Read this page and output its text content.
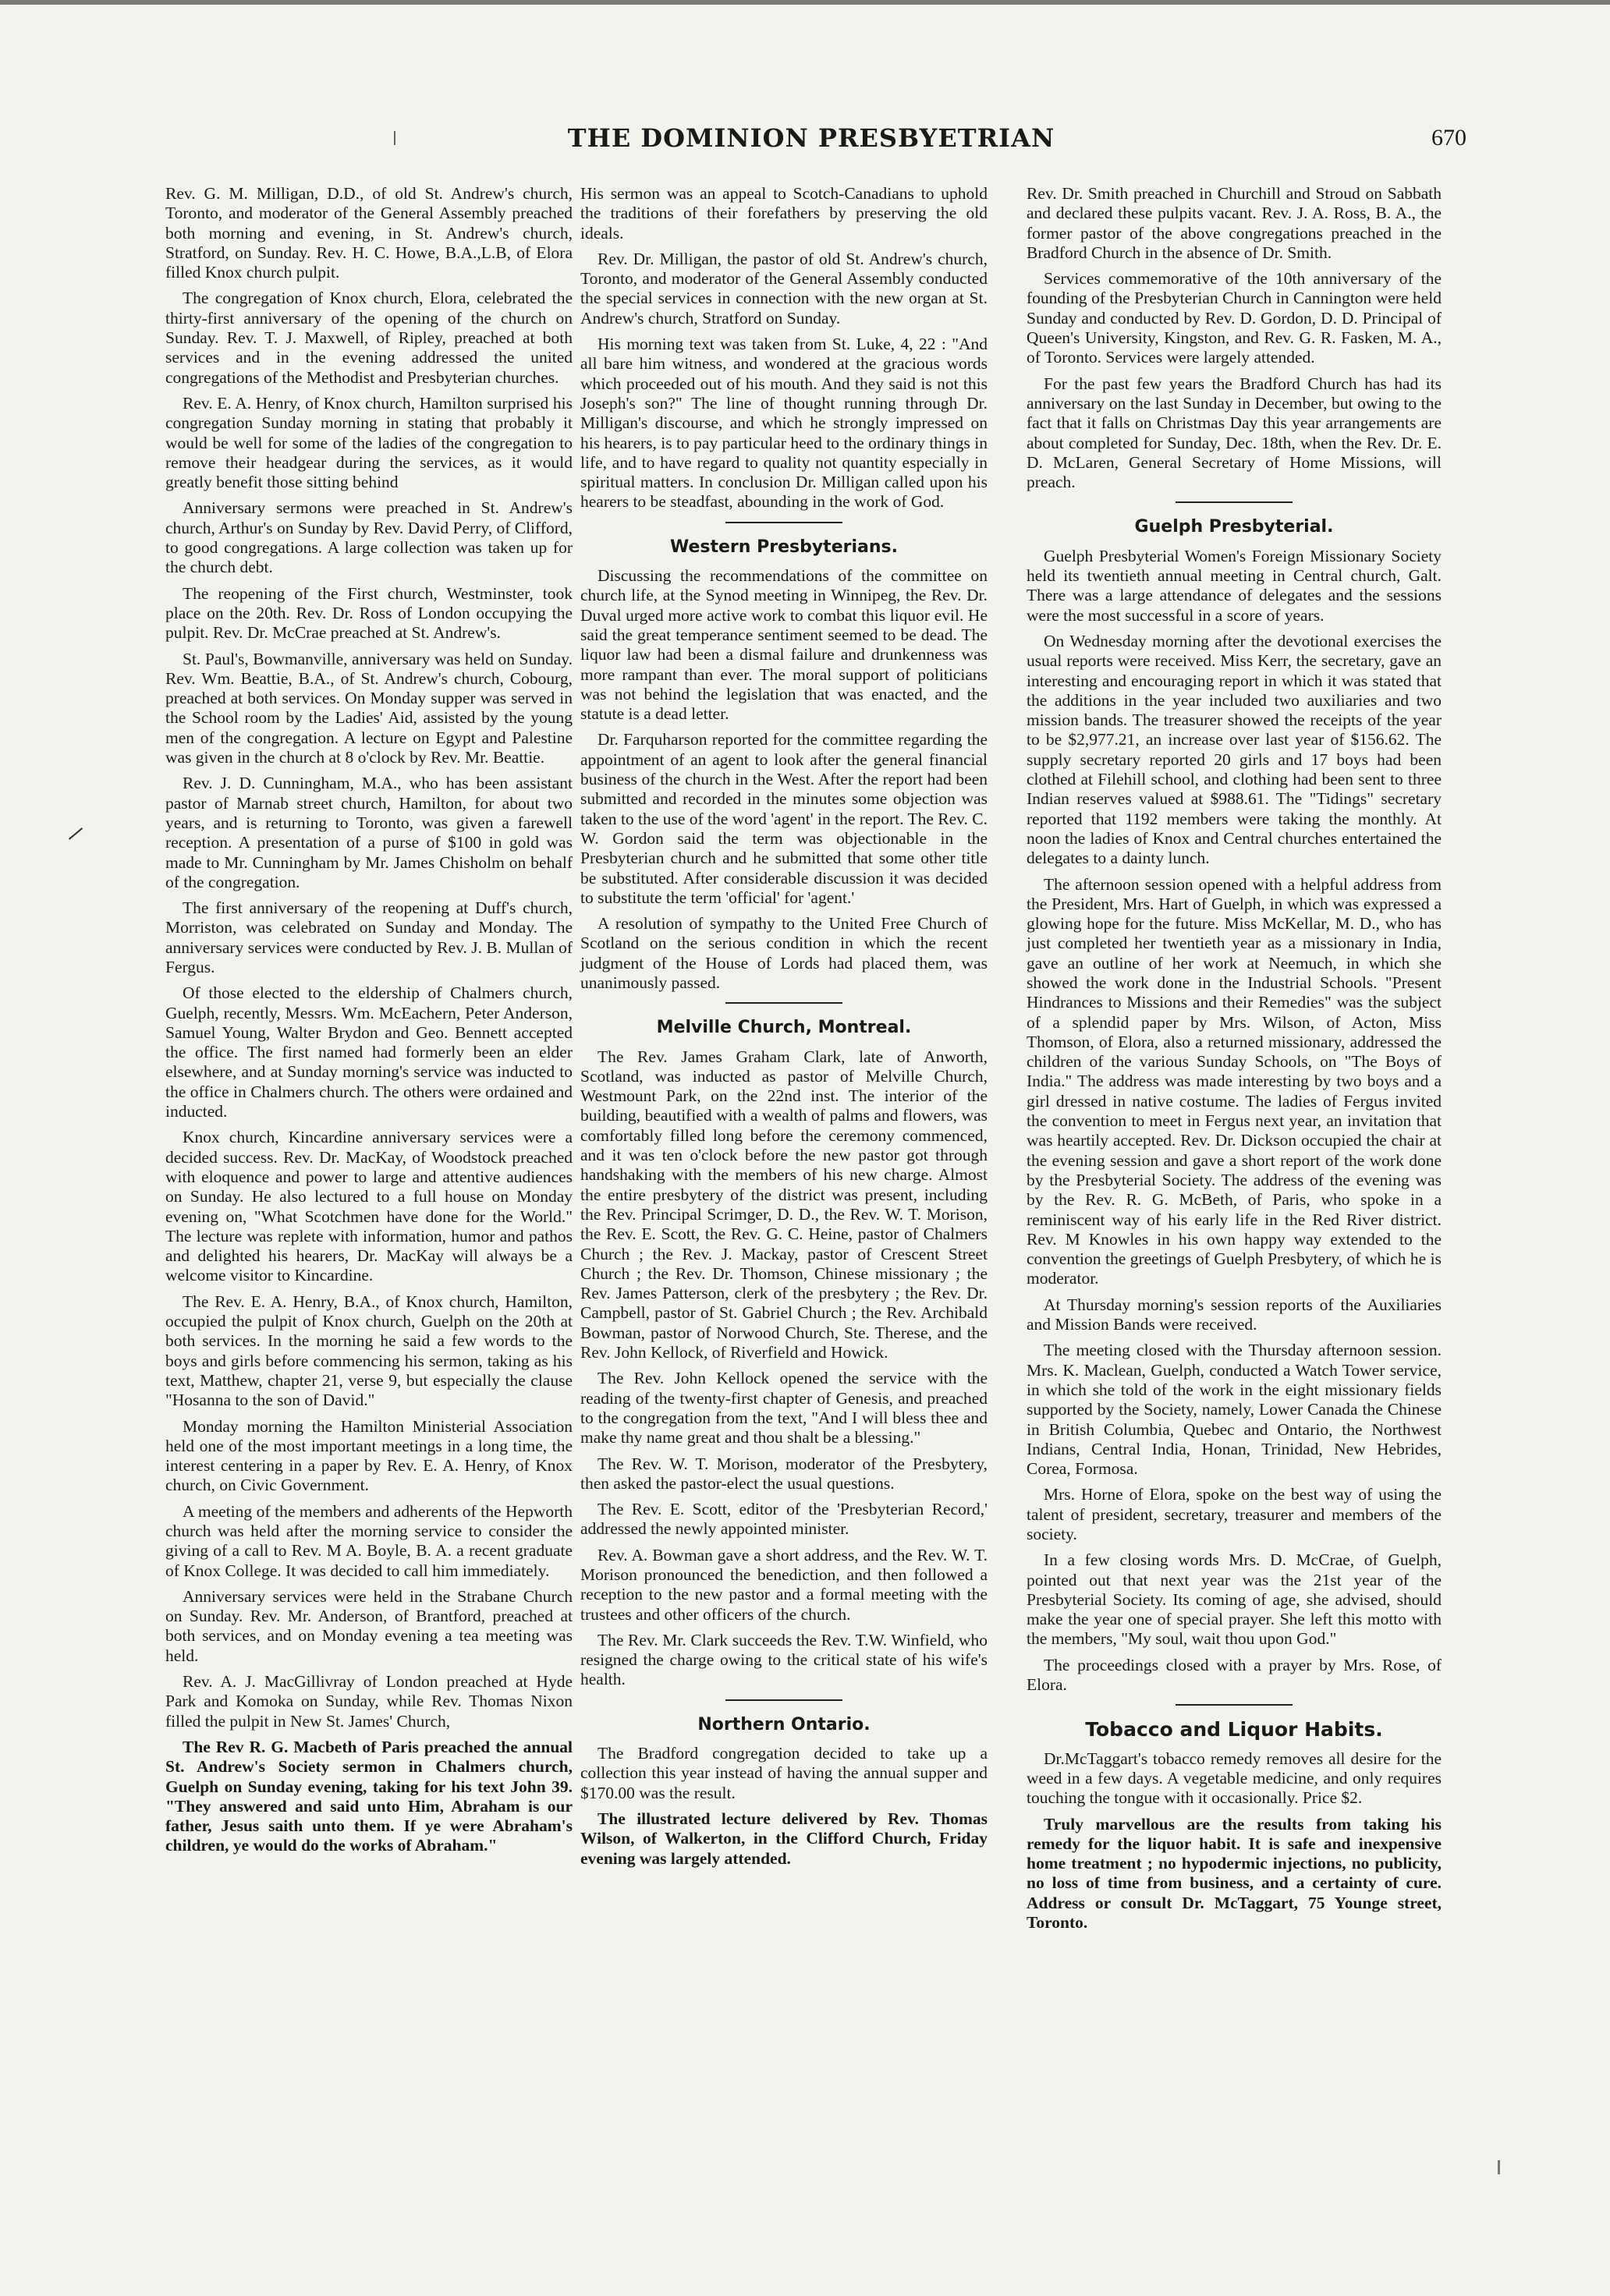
THE DOMINION PRESBYETRIAN	670

Rev. G. M. Milligan, D.D., of old St. Andrew's church, Toronto, and moderator of the General Assembly preached both morning and evening, in St. Andrew's church, Stratford, on Sunday. Rev. H. C. Howe, B.A.,L.B, of Elora filled Knox church pulpit.

The congregation of Knox church, Elora, celebrated the thirty-first anniversary of the opening of the church on Sunday. Rev. T. J. Maxwell, of Ripley, preached at both services and in the evening addressed the united congregations of the Methodist and Presbyterian churches.

Rev. E. A. Henry, of Knox church, Hamilton surprised his congregation Sunday morning in stating that probably it would be well for some of the ladies of the congregation to remove their headgear during the services, as it would greatly benefit those sitting behind

Anniversary sermons were preached in St. Andrew's church, Arthur's on Sunday by Rev. David Perry, of Clifford, to good congregations. A large collection was taken up for the church debt.

The reopening of the First church, Westminster, took place on the 20th. Rev. Dr. Ross of London occupying the pulpit. Rev. Dr. McCrae preached at St. Andrew's.

St. Paul's, Bowmanville, anniversary was held on Sunday. Rev. Wm. Beattie, B.A., of St. Andrew's church, Cobourg, preached at both services. On Monday supper was served in the School room by the Ladies' Aid, assisted by the young men of the congregation. A lecture on Egypt and Palestine was given in the church at 8 o'clock by Rev. Mr. Beattie.

Rev. J. D. Cunningham, M.A., who has been assistant pastor of Marnab street church, Hamilton, for about two years, and is returning to Toronto, was given a farewell reception. A presentation of a purse of $100 in gold was made to Mr. Cunningham by Mr. James Chisholm on behalf of the congregation.

The first anniversary of the reopening at Duff's church, Morriston, was celebrated on Sunday and Monday. The anniversary services were conducted by Rev. J. B. Mullan of Fergus.

Of those elected to the eldership of Chalmers church, Guelph, recently, Messrs. Wm. McEachern, Peter Anderson, Samuel Young, Walter Brydon and Geo. Bennett accepted the office. The first named had formerly been an elder elsewhere, and at Sunday morning's service was inducted to the office in Chalmers church. The others were ordained and inducted.

Knox church, Kincardine anniversary services were a decided success. Rev. Dr. MacKay, of Woodstock preached with eloquence and power to large and attentive audiences on Sunday. He also lectured to a full house on Monday evening on, "What Scotchmen have done for the World." The lecture was replete with information, humor and pathos and delighted his hearers, Dr. MacKay will always be a welcome visitor to Kincardine.

The Rev. E. A. Henry, B.A., of Knox church, Hamilton, occupied the pulpit of Knox church, Guelph on the 20th at both services. In the morning he said a few words to the boys and girls before commencing his sermon, taking as his text, Matthew, chapter 21, verse 9, but especially the clause "Hosanna to the son of David."

Monday morning the Hamilton Ministerial Association held one of the most important meetings in a long time, the interest centering in a paper by Rev. E. A. Henry, of Knox church, on Civic Government.

A meeting of the members and adherents of the Hepworth church was held after the morning service to consider the giving of a call to Rev. M A. Boyle, B. A. a recent graduate of Knox College. It was decided to call him immediately.

Anniversary services were held in the Strabane Church on Sunday. Rev. Mr. Anderson, of Brantford, preached at both services, and on Monday evening a tea meeting was held.

Rev. A. J. MacGillivray of London preached at Hyde Park and Komoka on Sunday, while Rev. Thomas Nixon filled the pulpit in New St. James' Church,

The Rev R. G. Macbeth of Paris preached the annual St. Andrew's Society sermon in Chalmers church, Guelph on Sunday evening, taking for his text John 39. "They answered and said unto Him, Abraham is our father, Jesus saith unto them. If ye were Abraham's children, ye would do the works of Abraham."

His sermon was an appeal to Scotch-Canadians to uphold the traditions of their forefathers by preserving the old ideals.

Rev. Dr. Milligan, the pastor of old St. Andrew's church, Toronto, and moderator of the General Assembly conducted the special services in connection with the new organ at St. Andrew's church, Stratford on Sunday.

His morning text was taken from St. Luke, 4, 22 : "And all bare him witness, and wondered at the gracious words which proceeded out of his mouth. And they said is not this Joseph's son?" The line of thought running through Dr. Milligan's discourse, and which he strongly impressed on his hearers, is to pay particular heed to the ordinary things in life, and to have regard to quality not quantity especially in spiritual matters. In conclusion Dr. Milligan called upon his hearers to be steadfast, abounding in the work of God.

Western Presbyterians.

Discussing the recommendations of the committee on church life, at the Synod meeting in Winnipeg, the Rev. Dr. Duval urged more active work to combat this liquor evil. He said the great temperance sentiment seemed to be dead. The liquor law had been a dismal failure and drunkenness was more rampant than ever. The moral support of politicians was not behind the legislation that was enacted, and the statute is a dead letter.

Dr. Farquharson reported for the committee regarding the appointment of an agent to look after the general financial business of the church in the West. After the report had been submitted and recorded in the minutes some objection was taken to the use of the word 'agent' in the report. The Rev. C. W. Gordon said the term was objectionable in the Presbyterian church and he submitted that some other title be substituted. After considerable discussion it was decided to substitute the term 'official' for 'agent.'

A resolution of sympathy to the United Free Church of Scotland on the serious condition in which the recent judgment of the House of Lords had placed them, was unanimously passed.

Melville Church, Montreal.

The Rev. James Graham Clark, late of Anworth, Scotland, was inducted as pastor of Melville Church, Westmount Park, on the 22nd inst. The interior of the building, beautified with a wealth of palms and flowers, was comfortably filled long before the ceremony commenced, and it was ten o'clock before the new pastor got through handshaking with the members of his new charge. Almost the entire presbytery of the district was present, including the Rev. Principal Scrimger, D. D., the Rev. W. T. Morison, the Rev. E. Scott, the Rev. G. C. Heine, pastor of Chalmers Church ; the Rev. J. Mackay, pastor of Crescent Street Church ; the Rev. Dr. Thomson, Chinese missionary ; the Rev. James Patterson, clerk of the presbytery ; the Rev. Dr. Campbell, pastor of St. Gabriel Church ; the Rev. Archibald Bowman, pastor of Norwood Church, Ste. Therese, and the Rev. John Kellock, of Riverfield and Howick.

The Rev. John Kellock opened the service with the reading of the twenty-first chapter of Genesis, and preached to the congregation from the text, "And I will bless thee and make thy name great and thou shalt be a blessing."

The Rev. W. T. Morison, moderator of the Presbytery, then asked the pastor-elect the usual questions.

The Rev. E. Scott, editor of the 'Presbyterian Record,' addressed the newly appointed minister.

Rev. A. Bowman gave a short address, and the Rev. W. T. Morison pronounced the benediction, and then followed a reception to the new pastor and a formal meeting with the trustees and other officers of the church.

The Rev. Mr. Clark succeeds the Rev. T.W. Winfield, who resigned the charge owing to the critical state of his wife's health.

Northern Ontario.

The Bradford congregation decided to take up a collection this year instead of having the annual supper and $170.00 was the result.

The illustrated lecture delivered by Rev. Thomas Wilson, of Walkerton, in the Clifford Church, Friday evening was largely attended.

Rev. Dr. Smith preached in Churchill and Stroud on Sabbath and declared these pulpits vacant. Rev. J. A. Ross, B. A., the former pastor of the above congregations preached in the Bradford Church in the absence of Dr. Smith.

Services commemorative of the 10th anniversary of the founding of the Presbyterian Church in Cannington were held Sunday and conducted by Rev. D. Gordon, D. D. Principal of Queen's University, Kingston, and Rev. G. R. Fasken, M. A., of Toronto. Services were largely attended.

For the past few years the Bradford Church has had its anniversary on the last Sunday in December, but owing to the fact that it falls on Christmas Day this year arrangements are about completed for Sunday, Dec. 18th, when the Rev. Dr. E. D. McLaren, General Secretary of Home Missions, will preach.

Guelph Presbyterial.

Guelph Presbyterial Women's Foreign Missionary Society held its twentieth annual meeting in Central church, Galt. There was a large attendance of delegates and the sessions were the most successful in a score of years.

On Wednesday morning after the devotional exercises the usual reports were received. Miss Kerr, the secretary, gave an interesting and encouraging report in which it was stated that the additions in the year included two auxiliaries and two mission bands. The treasurer showed the receipts of the year to be $2,977.21, an increase over last year of $156.62. The supply secretary reported 20 girls and 17 boys had been clothed at Filehill school, and clothing had been sent to three Indian reserves valued at $988.61. The "Tidings" secretary reported that 1192 members were taking the monthly. At noon the ladies of Knox and Central churches entertained the delegates to a dainty lunch.

The afternoon session opened with a helpful address from the President, Mrs. Hart of Guelph, in which was expressed a glowing hope for the future. Miss McKellar, M. D., who has just completed her twentieth year as a missionary in India, gave an outline of her work at Neemuch, in which she showed the work done in the Industrial Schools. "Present Hindrances to Missions and their Remedies" was the subject of a splendid paper by Mrs. Wilson, of Acton, Miss Thomson, of Elora, also a returned missionary, addressed the children of the various Sunday Schools, on "The Boys of India." The address was made interesting by two boys and a girl dressed in native costume. The ladies of Fergus invited the convention to meet in Fergus next year, an invitation that was heartily accepted. Rev. Dr. Dickson occupied the chair at the evening session and gave a short report of the work done by the Presbyterial Society. The address of the evening was by the Rev. R. G. McBeth, of Paris, who spoke in a reminiscent way of his early life in the Red River district. Rev. M Knowles in his own happy way extended to the convention the greetings of Guelph Presbytery, of which he is moderator.

At Thursday morning's session reports of the Auxiliaries and Mission Bands were received.

The meeting closed with the Thursday afternoon session. Mrs. K. Maclean, Guelph, conducted a Watch Tower service, in which she told of the work in the eight missionary fields supported by the Society, namely, Lower Canada the Chinese in British Columbia, Quebec and Ontario, the Northwest Indians, Central India, Honan, Trinidad, New Hebrides, Corea, Formosa.

Mrs. Horne of Elora, spoke on the best way of using the talent of president, secretary, treasurer and members of the society.

In a few closing words Mrs. D. McCrae, of Guelph, pointed out that next year was the 21st year of the Presbyterial Society. Its coming of age, she advised, should make the year one of special prayer. She left this motto with the members, "My soul, wait thou upon God."

The proceedings closed with a prayer by Mrs. Rose, of Elora.

Tobacco and Liquor Habits.

Dr.McTaggart's tobacco remedy removes all desire for the weed in a few days. A vegetable medicine, and only requires touching the tongue with it occasionally. Price $2.

Truly marvellous are the results from taking his remedy for the liquor habit. It is safe and inexpensive home treatment ; no hypodermic injections, no publicity, no loss of time from business, and a certainty of cure. Address or consult Dr. McTaggart, 75 Younge street, Toronto.
